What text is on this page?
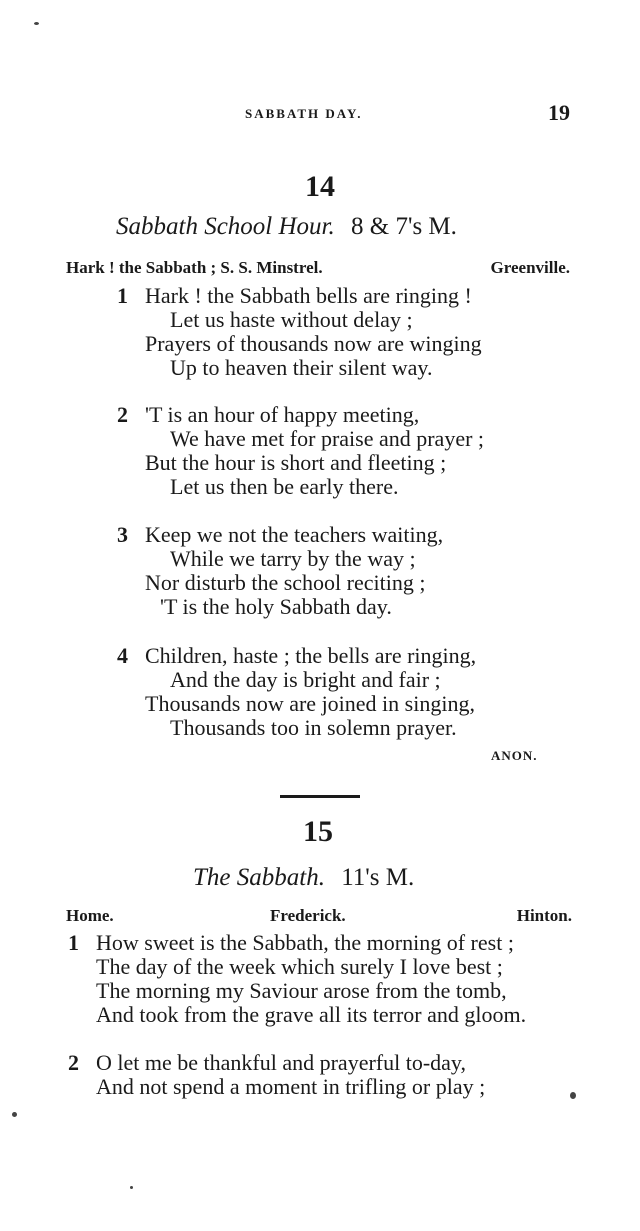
SABBATH DAY.	19
14
Sabbath School Hour. 8 & 7's M.
Hark ! the Sabbath ; S. S. Minstrel.	Greenville.
1 Hark ! the Sabbath bells are ringing !
Let us haste without delay ;
Prayers of thousands now are winging
Up to heaven their silent way.
2 'T is an hour of happy meeting,
We have met for praise and prayer ;
But the hour is short and fleeting ;
Let us then be early there.
3 Keep we not the teachers waiting,
While we tarry by the way ;
Nor disturb the school reciting ;
'T is the holy Sabbath day.
4 Children, haste ; the bells are ringing,
And the day is bright and fair ;
Thousands now are joined in singing,
Thousands too in solemn prayer.
ANON.
15
The Sabbath. 11's M.
Home.	Frederick.	Hinton.
1 How sweet is the Sabbath, the morning of rest ;
The day of the week which surely I love best ;
The morning my Saviour arose from the tomb,
And took from the grave all its terror and gloom.
2 O let me be thankful and prayerful to-day,
And not spend a moment in trifling or play ;
